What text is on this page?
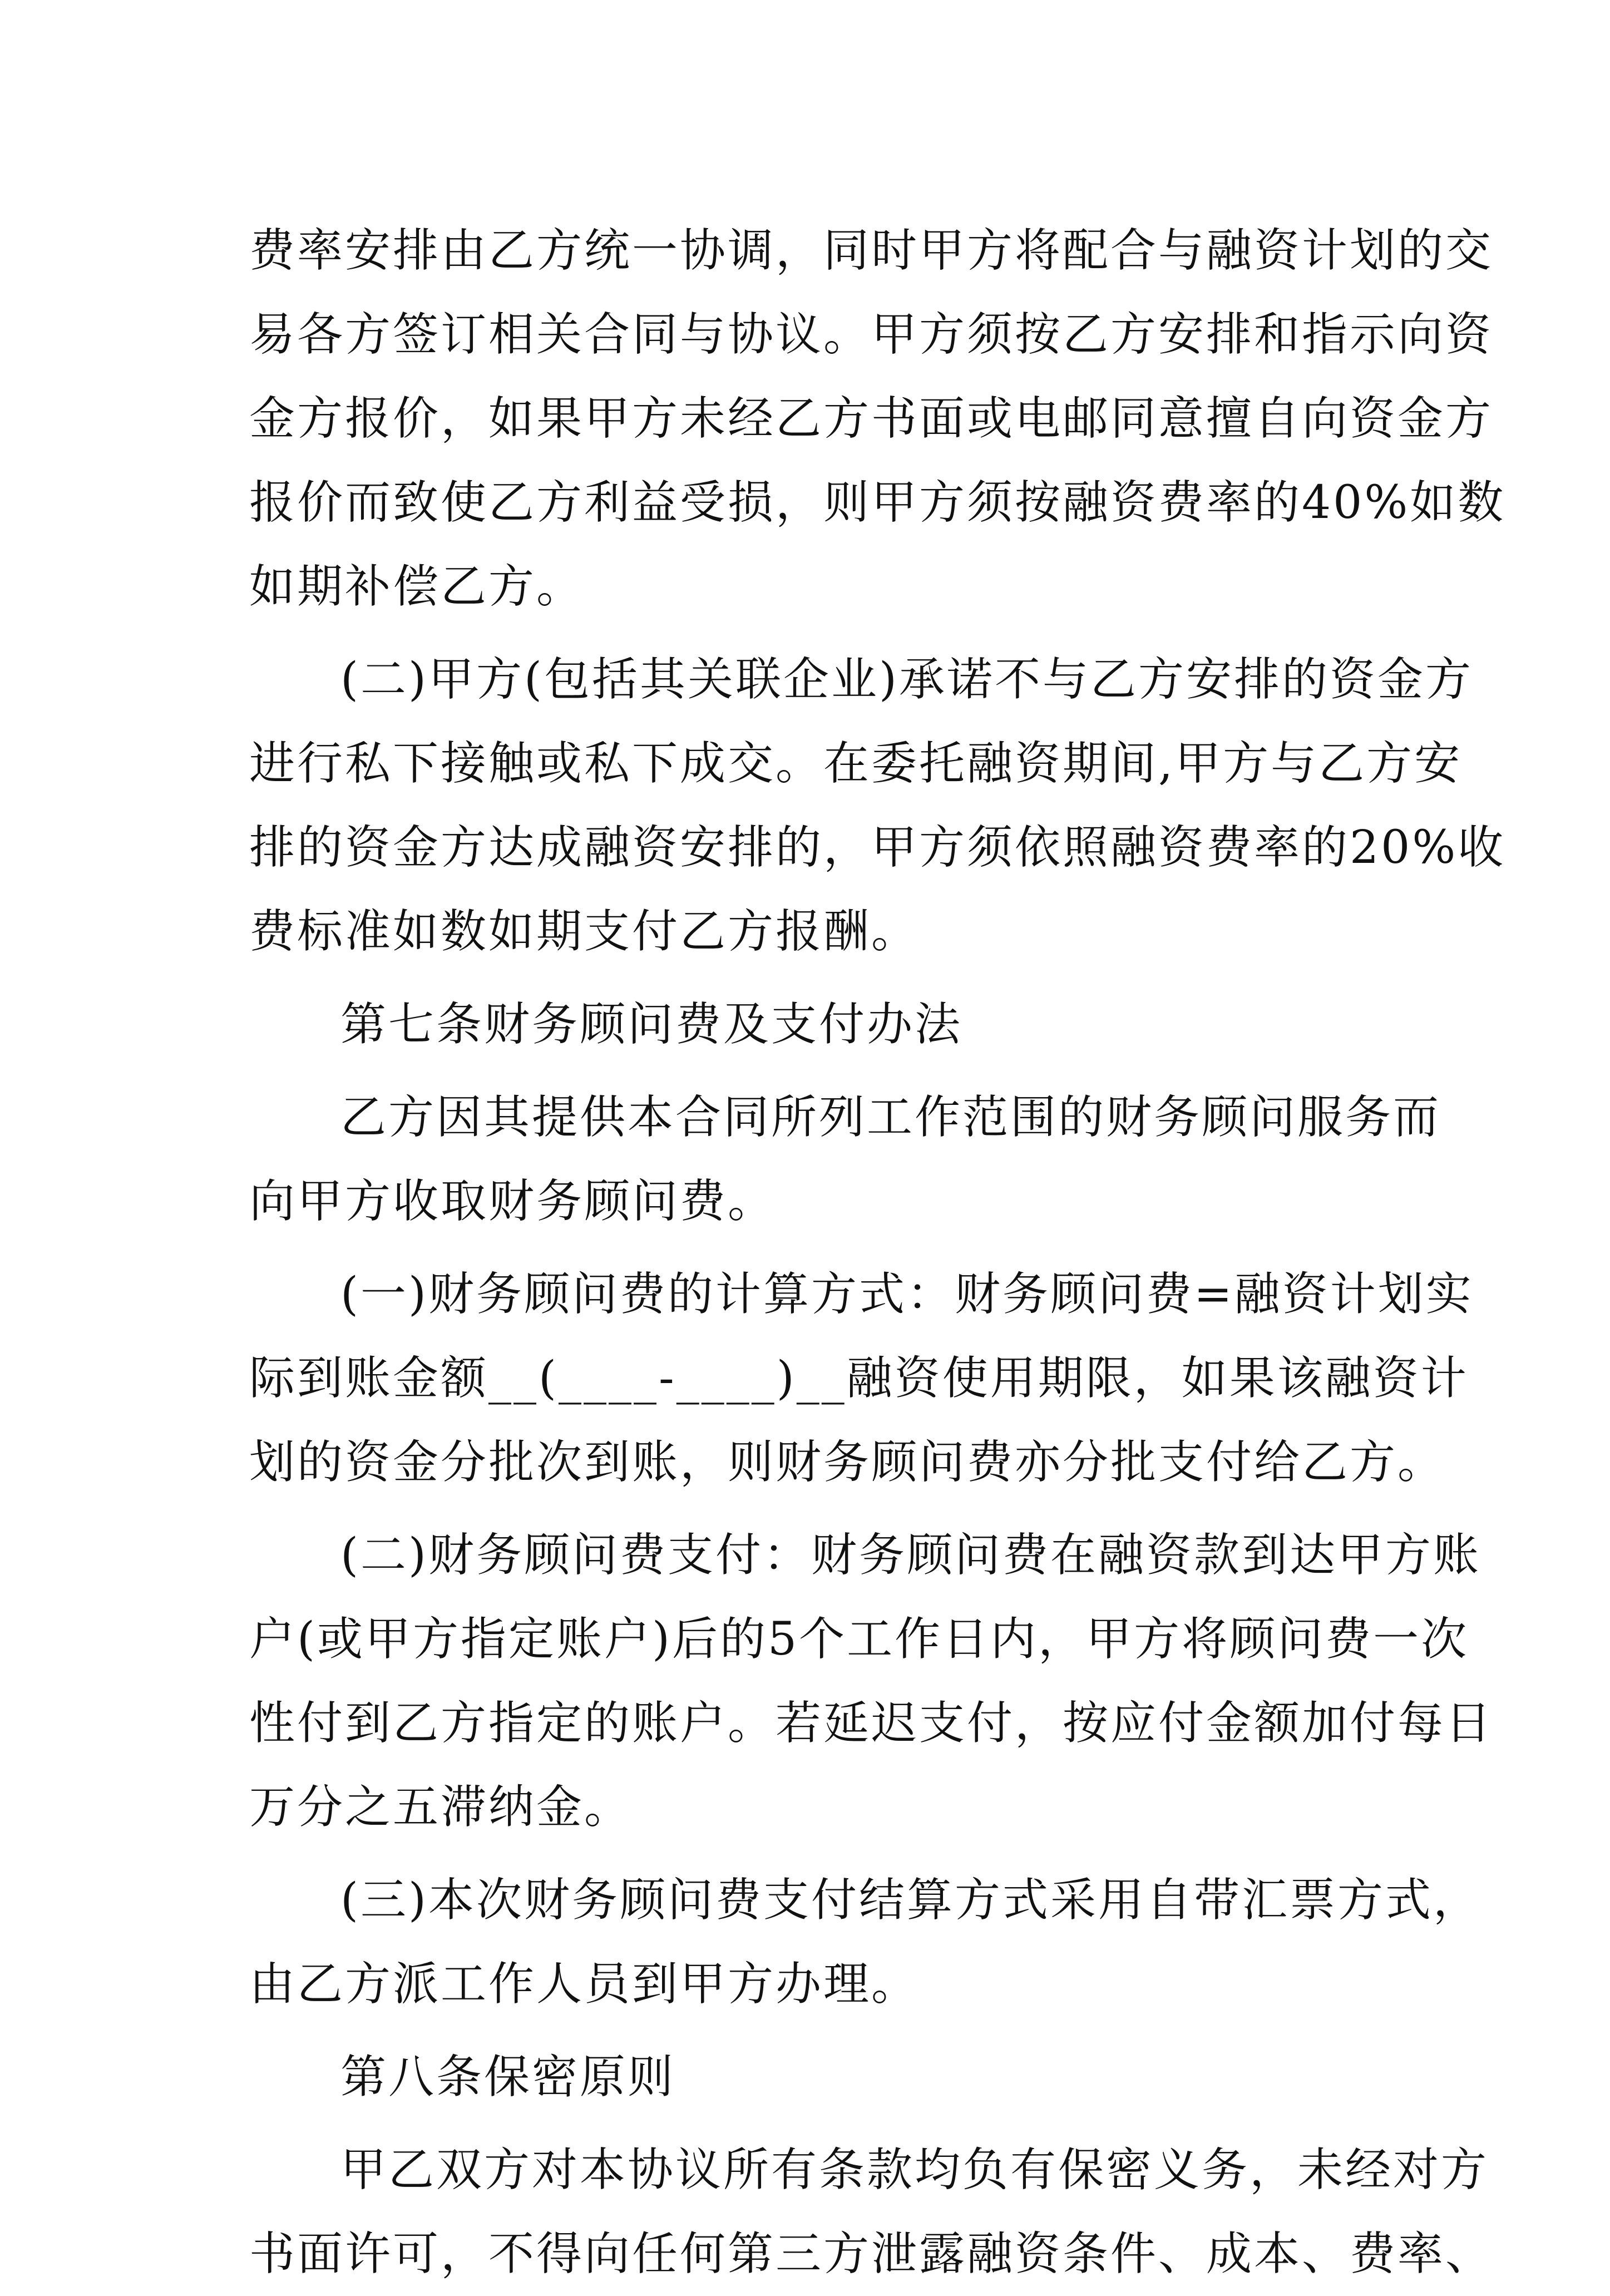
费率安排由乙方统一协调，同时甲方将配合与融资计划的交
易各方签订相关合同与协议。甲方须按乙方安排和指示向资
金方报价，如果甲方未经乙方书面或电邮同意擅自向资金方
报价而致使乙方利益受损，则甲方须按融资费率的40%如数
如期补偿乙方。
(二)甲方(包括其关联企业)承诺不与乙方安排的资金方
进行私下接触或私下成交。在委托融资期间,甲方与乙方安
排的资金方达成融资安排的，甲方须依照融资费率的20%收
费标准如数如期支付乙方报酬。
第七条财务顾问费及支付办法
乙方因其提供本合同所列工作范围的财务顾问服务而
向甲方收取财务顾问费。
(一)财务顾问费的计算方式：财务顾问费=融资计划实
际到账金额__(____-____)__融资使用期限，如果该融资计
划的资金分批次到账，则财务顾问费亦分批支付给乙方。
(二)财务顾问费支付：财务顾问费在融资款到达甲方账
户(或甲方指定账户)后的5个工作日内，甲方将顾问费一次
性付到乙方指定的账户。若延迟支付，按应付金额加付每日
万分之五滞纳金。
(三)本次财务顾问费支付结算方式采用自带汇票方式，
由乙方派工作人员到甲方办理。
第八条保密原则
甲乙双方对本协议所有条款均负有保密义务，未经对方
书面许可，不得向任何第三方泄露融资条件、成本、费率、
